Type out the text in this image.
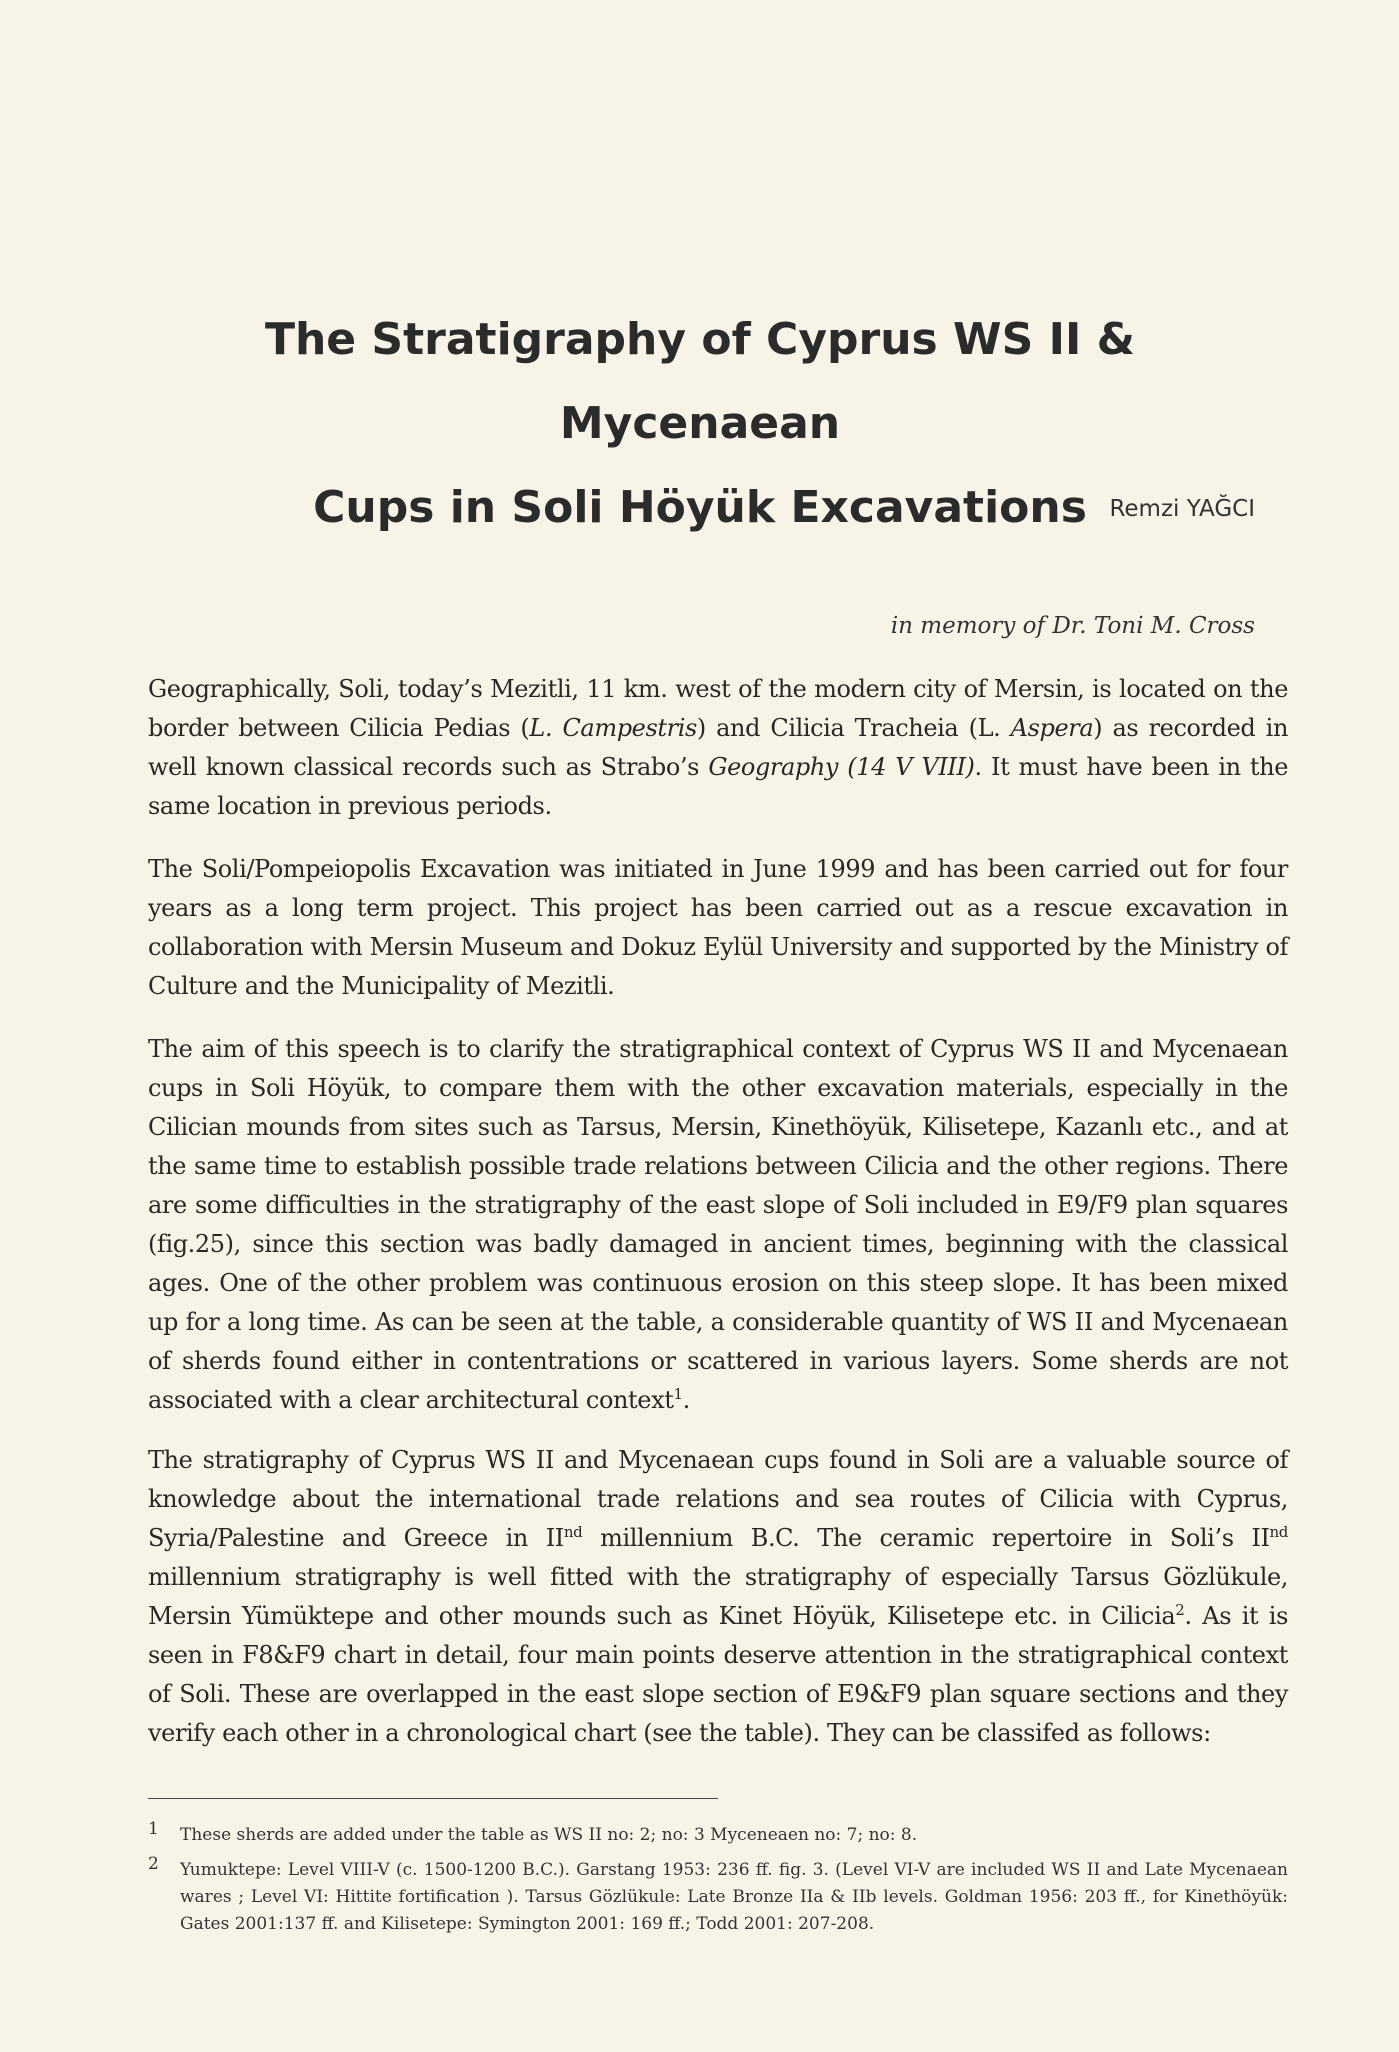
The Stratigraphy of Cyprus WS II & Mycenaean
Cups in Soli Höyük Excavations Remzi YAĞCI
in memory of Dr. Toni M. Cross

Geographically, Soli, today’s Mezitli, 11 km. west of the modern city of Mersin, is located on the border between Cilicia Pedias (L. Campestris) and Cilicia Tracheia (L. Aspera) as recorded in well known classical records such as Strabo’s Geography (14 V VIII). It must have been in the same location in previous periods.

The Soli/Pompeiopolis Excavation was initiated in June 1999 and has been carried out for four years as a long term project. This project has been carried out as a rescue excavation in collaboration with Mersin Museum and Dokuz Eylül University and supported by the Ministry of Culture and the Municipality of Mezitli.

The aim of this speech is to clarify the stratigraphical context of Cyprus WS II and Mycenaean cups in Soli Höyük, to compare them with the other excavation materials, especially in the Cilician mounds from sites such as Tarsus, Mersin, Kinethöyük, Kilisetepe, Kazanlı etc., and at the same time to establish possible trade relations between Cilicia and the other regions. There are some difficulties in the stratigraphy of the east slope of Soli included in E9/F9 plan squares (fig.25), since this section was badly damaged in ancient times, beginning with the classical ages. One of the other problem was continuous erosion on this steep slope. It has been mixed up for a long time. As can be seen at the table, a considerable quantity of WS II and Mycenaean of sherds found either in contentrations or scattered in various layers. Some sherds are not associated with a clear architectural context$^1$.

The stratigraphy of Cyprus WS II and Mycenaean cups found in Soli are a valuable source of knowledge about the international trade relations and sea routes of Cilicia with Cyprus, Syria/Palestine and Greece in IInd millennium B.C. The ceramic repertoire in Soli’s IInd millennium stratigraphy is well fitted with the stratigraphy of especially Tarsus Gözlükule, Mersin Yümüktepe and other mounds such as Kinet Höyük, Kilisetepe etc. in Cilicia$^2$. As it is seen in F8&F9 chart in detail, four main points deserve attention in the stratigraphical context of Soli. These are overlapped in the east slope section of E9&F9 plan square sections and they verify each other in a chronological chart (see the table). They can be classifed as follows:

1 These sherds are added under the table as WS II no: 2; no: 3 Myceneaen no: 7; no: 8.
2 Yumuktepe: Level VIII-V (c. 1500-1200 B.C.). Garstang 1953: 236 ff. fig. 3. (Level VI-V are included WS II and Late Mycenaean wares ; Level VI: Hittite fortification ). Tarsus Gözlükule: Late Bronze IIa & IIb levels. Goldman 1956: 203 ff., for Kinethöyük: Gates 2001:137 ff. and Kilisetepe: Symington 2001: 169 ff.; Todd 2001: 207-208.
